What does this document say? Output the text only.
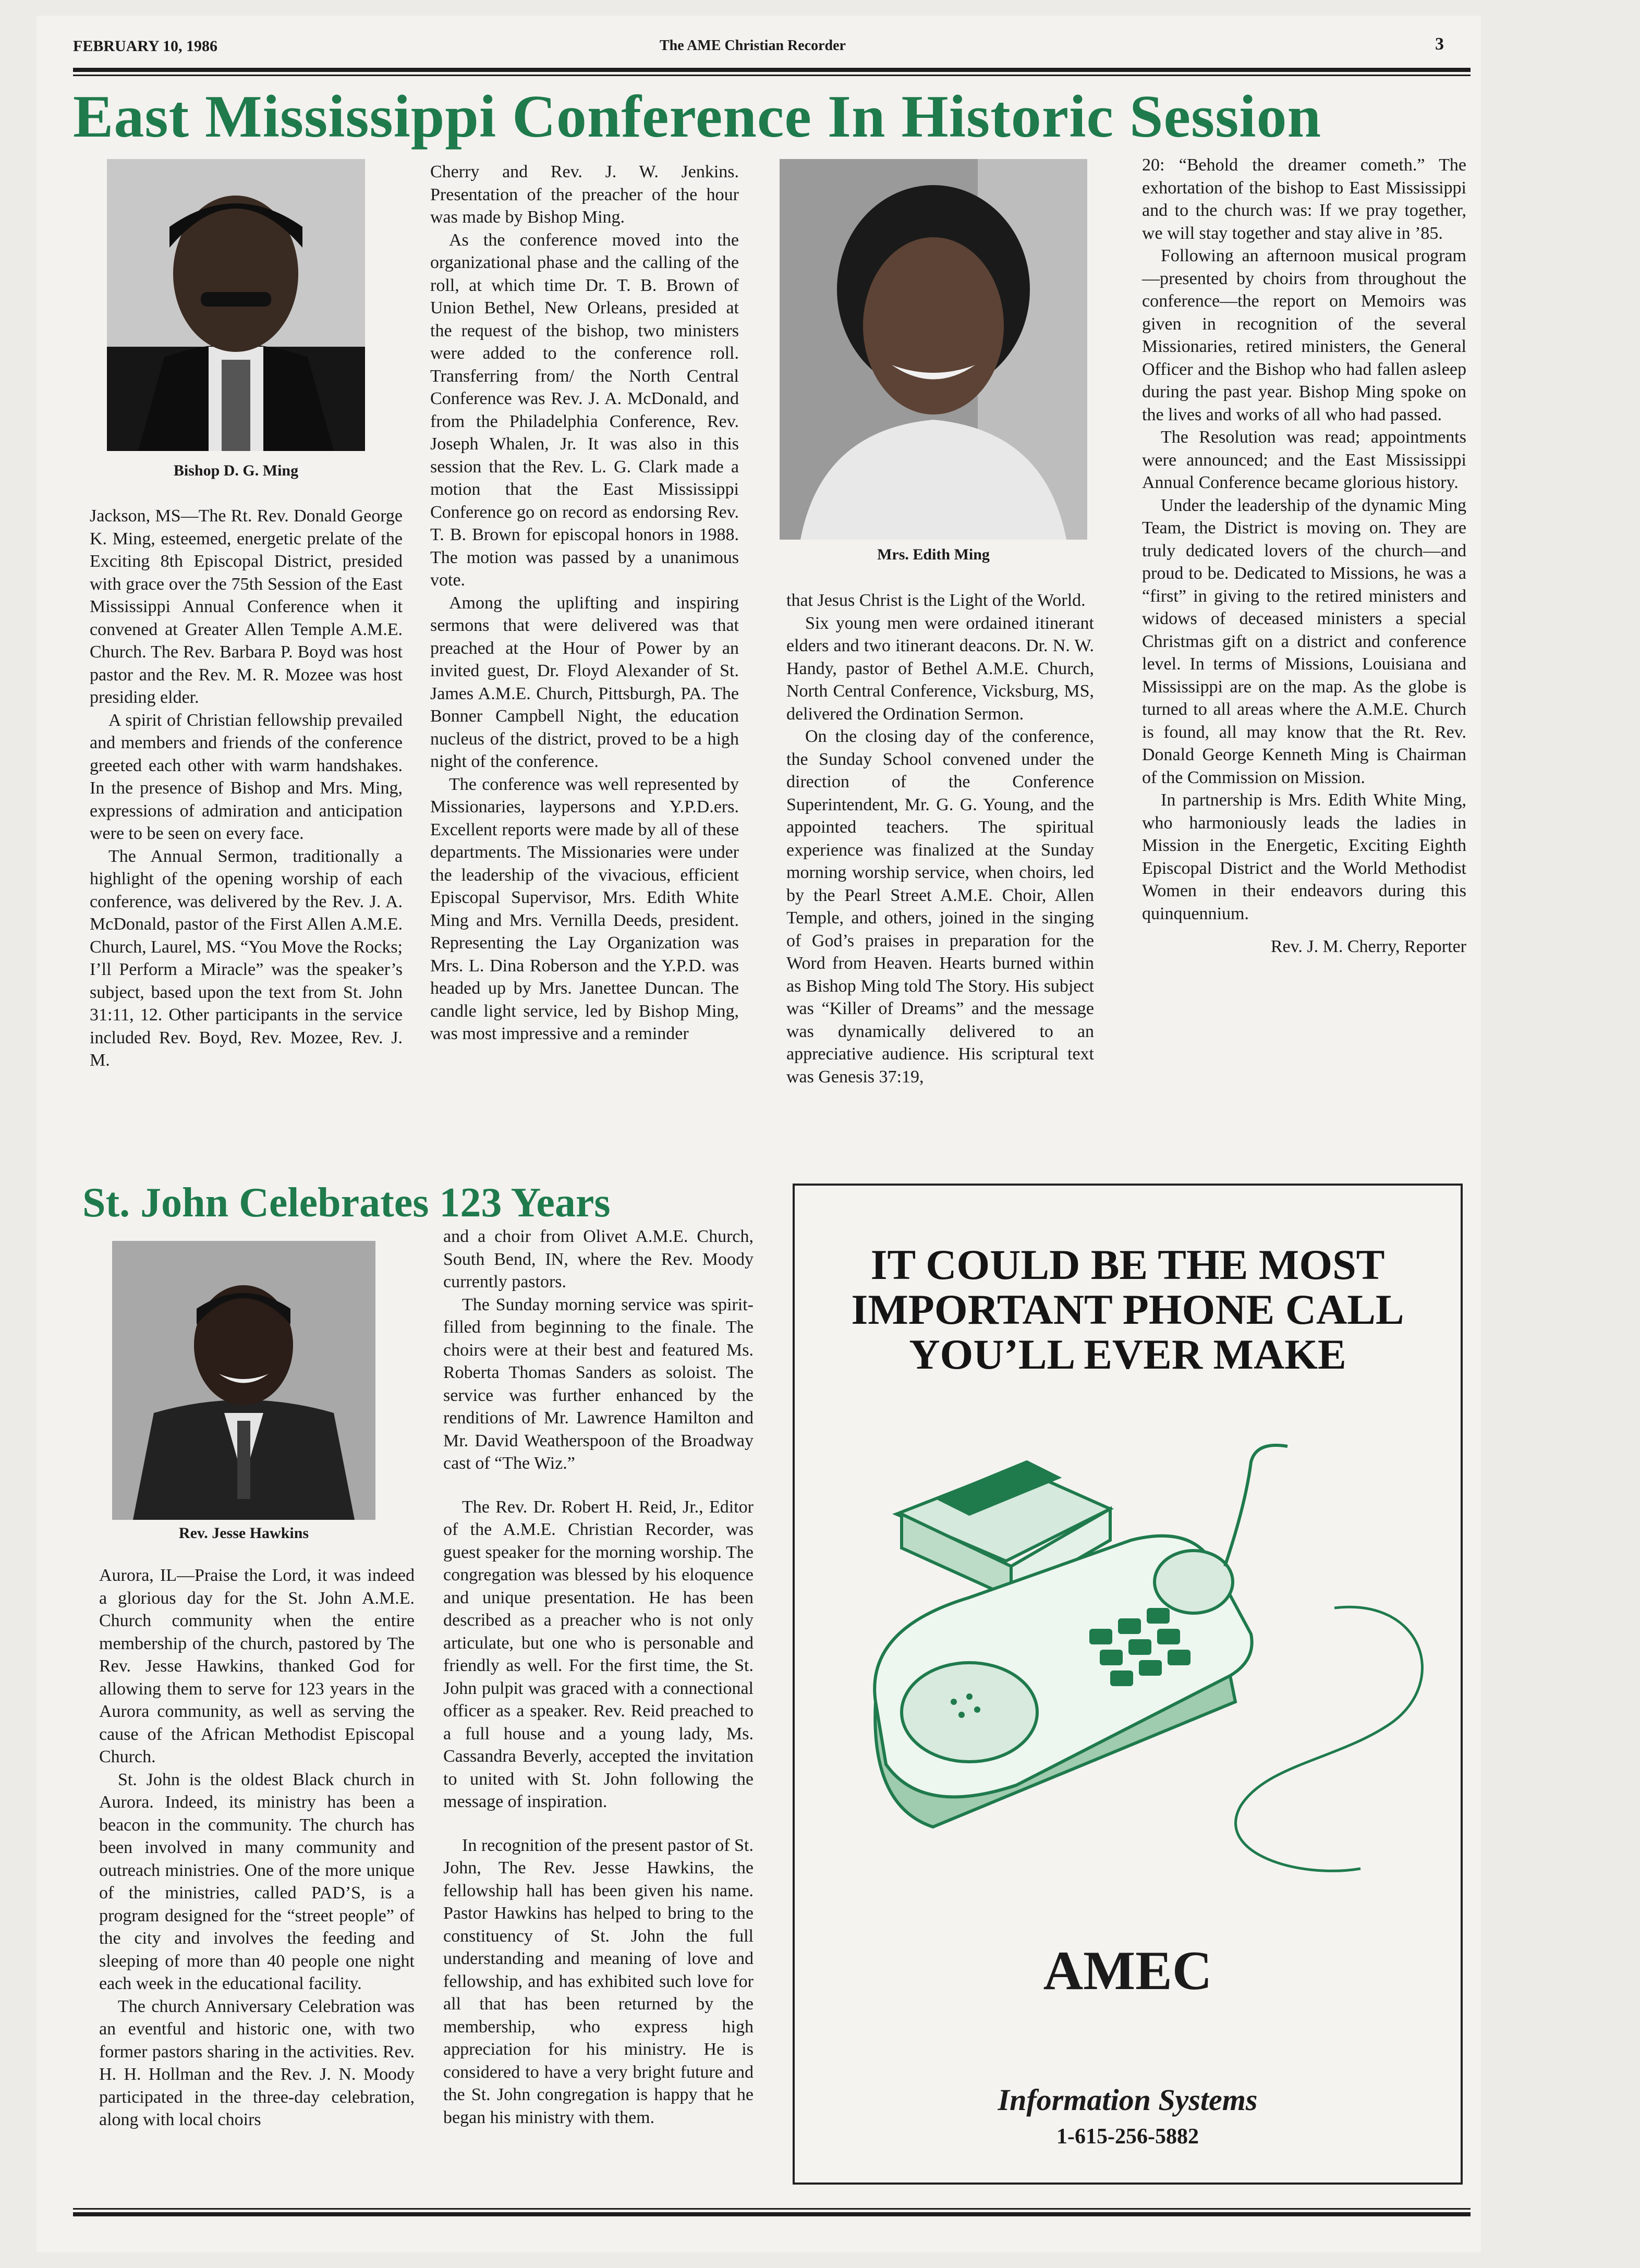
FEBRUARY 10, 1986	The AME Christian Recorder	3
East Mississippi Conference In Historic Session
Bishop D. G. Ming
Mrs. Edith Ming

Jackson, MS—The Rt. Rev. Donald George K. Ming, esteemed, energetic prelate of the Exciting 8th Episcopal District, presided with grace over the 75th Session of the East Mississippi Annual Conference when it convened at Greater Allen Temple A.M.E. Church. The Rev. Barbara P. Boyd was host pastor and the Rev. M. R. Mozee was host presiding elder.

A spirit of Christian fellowship prevailed and members and friends of the conference greeted each other with warm handshakes. In the presence of Bishop and Mrs. Ming, expressions of admiration and anticipation were to be seen on every face.

The Annual Sermon, traditionally a highlight of the opening worship of each conference, was delivered by the Rev. J. A. McDonald, pastor of the First Allen A.M.E. Church, Laurel, MS. “You Move the Rocks; I’ll Perform a Miracle” was the speaker’s subject, based upon the text from St. John 31:11, 12. Other participants in the service included Rev. Boyd, Rev. Mozee, Rev. J. M.

Cherry and Rev. J. W. Jenkins. Presentation of the preacher of the hour was made by Bishop Ming.

As the conference moved into the organizational phase and the calling of the roll, at which time Dr. T. B. Brown of Union Bethel, New Orleans, presided at the request of the bishop, two ministers were added to the conference roll. Transferring from/ the North Central Conference was Rev. J. A. McDonald, and from the Philadelphia Conference, Rev. Joseph Whalen, Jr. It was also in this session that the Rev. L. G. Clark made a motion that the East Mississippi Conference go on record as endorsing Rev. T. B. Brown for episcopal honors in 1988. The motion was passed by a unanimous vote.

Among the uplifting and inspiring sermons that were delivered was that preached at the Hour of Power by an invited guest, Dr. Floyd Alexander of St. James A.M.E. Church, Pittsburgh, PA. The Bonner Campbell Night, the education nucleus of the district, proved to be a high night of the conference.

The conference was well represented by Missionaries, laypersons and Y.P.D.ers. Excellent reports were made by all of these departments. The Missionaries were under the leadership of the vivacious, efficient Episcopal Supervisor, Mrs. Edith White Ming and Mrs. Vernilla Deeds, president. Representing the Lay Organization was Mrs. L. Dina Roberson and the Y.P.D. was headed up by Mrs. Janettee Duncan. The candle light service, led by Bishop Ming, was most impressive and a reminder

that Jesus Christ is the Light of the World.

Six young men were ordained itinerant elders and two itinerant deacons. Dr. N. W. Handy, pastor of Bethel A.M.E. Church, North Central Conference, Vicksburg, MS, delivered the Ordination Sermon.

On the closing day of the conference, the Sunday School convened under the direction of the Conference Superintendent, Mr. G. G. Young, and the appointed teachers. The spiritual experience was finalized at the Sunday morning worship service, when choirs, led by the Pearl Street A.M.E. Choir, Allen Temple, and others, joined in the singing of God’s praises in preparation for the Word from Heaven. Hearts burned within as Bishop Ming told The Story. His subject was “Killer of Dreams” and the message was dynamically delivered to an appreciative audience. His scriptural text was Genesis 37:19,

20: “Behold the dreamer cometh.” The exhortation of the bishop to East Mississippi and to the church was: If we pray together, we will stay together and stay alive in ’85.

Following an afternoon musical program—presented by choirs from throughout the conference—the report on Memoirs was given in recognition of the several Missionaries, retired ministers, the General Officer and the Bishop who had fallen asleep during the past year. Bishop Ming spoke on the lives and works of all who had passed.

The Resolution was read; appointments were announced; and the East Mississippi Annual Conference became glorious history.

Under the leadership of the dynamic Ming Team, the District is moving on. They are truly dedicated lovers of the church—and proud to be. Dedicated to Missions, he was a “first” in giving to the retired ministers and widows of deceased ministers a special Christmas gift on a district and conference level. In terms of Missions, Louisiana and Mississippi are on the map. As the globe is turned to all areas where the A.M.E. Church is found, all may know that the Rt. Rev. Donald George Kenneth Ming is Chairman of the Commission on Mission.

In partnership is Mrs. Edith White Ming, who harmoniously leads the ladies in Mission in the Energetic, Exciting Eighth Episcopal District and the World Methodist Women in their endeavors during this quinquennium.

Rev. J. M. Cherry, Reporter

St. John Celebrates 123 Years
Rev. Jesse Hawkins

Aurora, IL—Praise the Lord, it was indeed a glorious day for the St. John A.M.E. Church community when the entire membership of the church, pastored by The Rev. Jesse Hawkins, thanked God for allowing them to serve for 123 years in the Aurora community, as well as serving the cause of the African Methodist Episcopal Church.

St. John is the oldest Black church in Aurora. Indeed, its ministry has been a beacon in the community. The church has been involved in many community and outreach ministries. One of the more unique of the ministries, called PAD’S, is a program designed for the “street people” of the city and involves the feeding and sleeping of more than 40 people one night each week in the educational facility.

The church Anniversary Celebration was an eventful and historic one, with two former pastors sharing in the activities. Rev. H. H. Hollman and the Rev. J. N. Moody participated in the three-day celebration, along with local choirs

and a choir from Olivet A.M.E. Church, South Bend, IN, where the Rev. Moody currently pastors.

The Sunday morning service was spirit-filled from beginning to the finale. The choirs were at their best and featured Ms. Roberta Thomas Sanders as soloist. The service was further enhanced by the renditions of Mr. Lawrence Hamilton and Mr. David Weatherspoon of the Broadway cast of “The Wiz.”

The Rev. Dr. Robert H. Reid, Jr., Editor of the A.M.E. Christian Recorder, was guest speaker for the morning worship. The congregation was blessed by his eloquence and unique presentation. He has been described as a preacher who is not only articulate, but one who is personable and friendly as well. For the first time, the St. John pulpit was graced with a connectional officer as a speaker. Rev. Reid preached to a full house and a young lady, Ms. Cassandra Beverly, accepted the invitation to united with St. John following the message of inspiration.

In recognition of the present pastor of St. John, The Rev. Jesse Hawkins, the fellowship hall has been given his name. Pastor Hawkins has helped to bring to the constituency of St. John the full understanding and meaning of love and fellowship, and has exhibited such love for all that has been returned by the membership, who express high appreciation for his ministry. He is considered to have a very bright future and the St. John congregation is happy that he began his ministry with them.

IT COULD BE THE MOST
IMPORTANT PHONE CALL
YOU’LL EVER MAKE
AMEC
Information Systems
1-615-256-5882
